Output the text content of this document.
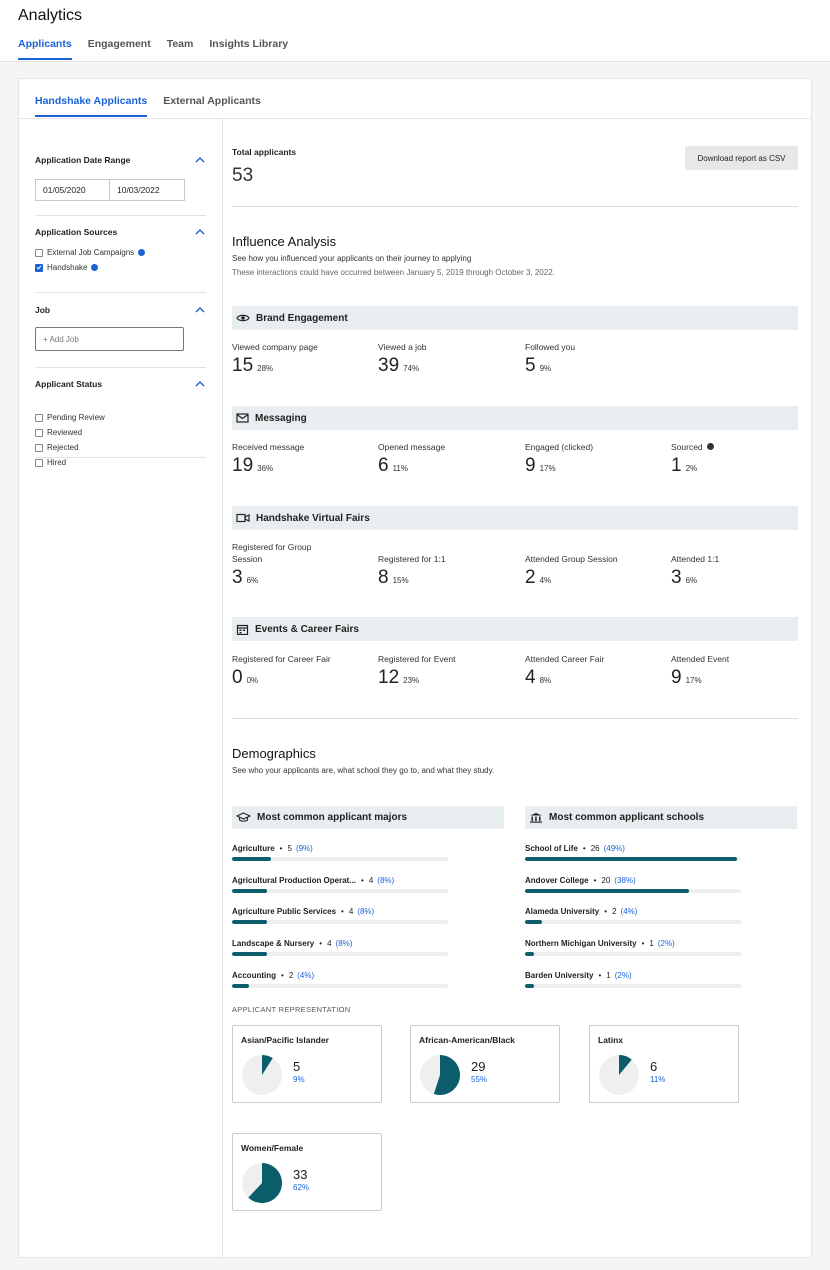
Analytics
Applicants Engagement Team Insights Library
Handshake Applicants External Applicants
Application Date Range
01/05/2020	10/03/2022
Application Sources
External Job Campaigns
Handshake
Job
+ Add Job
Applicant Status
Pending Review
Reviewed
Rejected
Hired
Total applicants
53
Download report as CSV
Influence Analysis
See how you influenced your applicants on their journey to applying
These interactions could have occurred between January 5, 2019 through October 3, 2022.
Brand Engagement
Viewed company page
15 28%
Viewed a job
39 74%
Followed you
5 9%
Messaging
Received message
19 36%
Opened message
6 11%
Engaged (clicked)
9 17%
Sourced
1 2%
Handshake Virtual Fairs
Registered for Group Session
3 6%
Registered for 1:1
8 15%
Attended Group Session
2 4%
Attended 1:1
3 6%
Events & Career Fairs
Registered for Career Fair
0 0%
Registered for Event
12 23%
Attended Career Fair
4 8%
Attended Event
9 17%
Demographics
See who your applicants are, what school they go to, and what they study.
Most common applicant majors	Most common applicant schools
Agriculture • 5 (9%)
Agricultural Production Operat... • 4 (8%)
Agriculture Public Services • 4 (8%)
Landscape & Nursery • 4 (8%)
Accounting • 2 (4%)
School of Life • 26 (49%)
Andover College • 20 (38%)
Alameda University • 2 (4%)
Northern Michigan University • 1 (2%)
Barden University • 1 (2%)
APPLICANT REPRESENTATION
Asian/Pacific Islander
5
9%
African-American/Black
29
55%
Latinx
6
11%
Women/Female
33
62%
